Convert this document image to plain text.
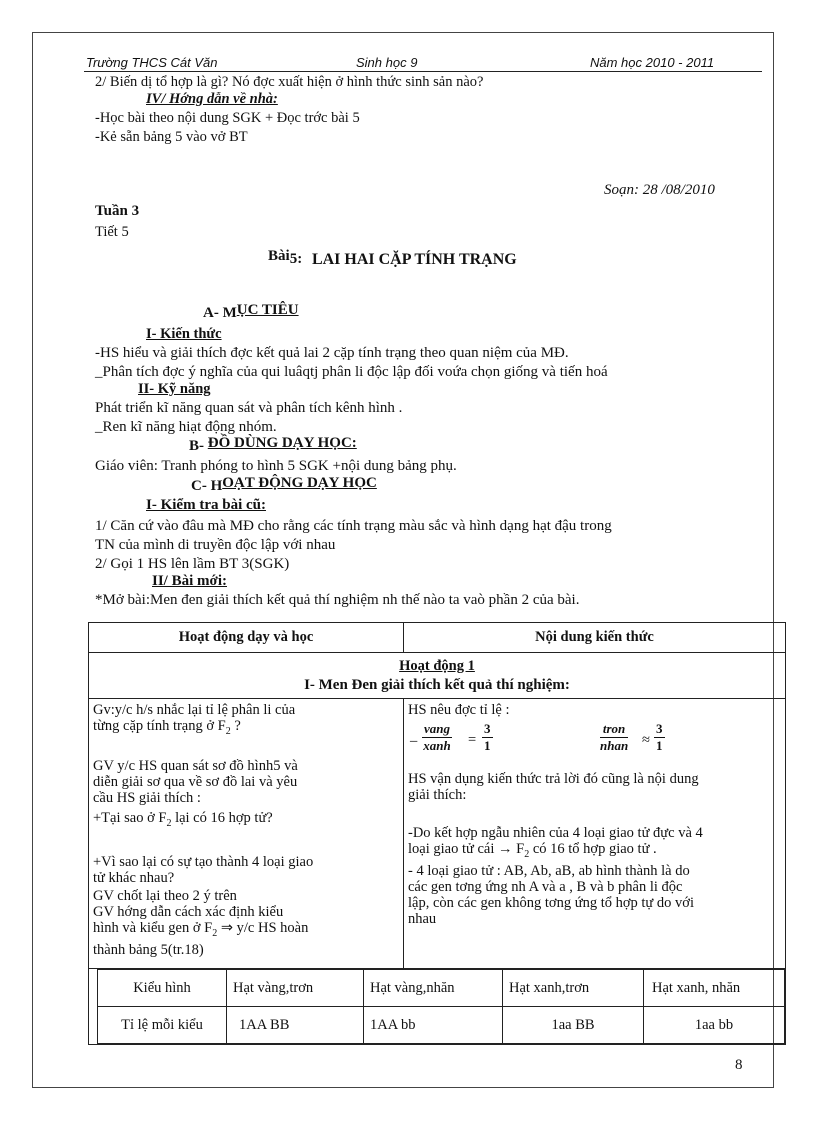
Trường THCS Cát Văn	Sinh học 9	Năm học 2010 - 2011
2/ Biến dị tổ hợp là gì? Nó đợc xuất hiện ở hình thức sinh sản nào?
IV/ Hớng dẫn về nhà:
-Học bài theo nội dung SGK + Đọc trớc bài 5
-Kẻ sẵn bảng 5 vào vở BT
Soạn: 28 /08/2010
Tuần 3
Tiết 5
Bài5: LAI HAI CẶP TÍNH TRẠNG
A- MỤC TIÊU
I- Kiến thức
-HS hiểu và giải thích đợc kết quả lai 2 cặp tính trạng theo quan niệm của MĐ.
_Phân tích đợc ý nghĩa của qui luâqtj phân li độc lập đối voứa chọn giống và tiến hoá
II- Kỹ năng
Phát triển kĩ năng quan sát và phân tích kênh hình .
_Ren kĩ năng hiạt động nhóm.
B- ĐỒ DÙNG DẠY HỌC:
Giáo viên: Tranh phóng to hình 5 SGK +nội dung bảng phụ.
C- HOẠT ĐỘNG DẠY HỌC
I- Kiểm tra bài cũ:
1/ Căn cứ vào đâu mà MĐ cho rằng các tính trạng màu sắc và hình dạng hạt đậu trong
TN của mình di truyền độc lập với nhau
2/ Gọi 1 HS lên lầm BT 3(SGK)
II/ Bài mới:
*Mở bài:Men đen giải thích kết quả thí nghiệm nh thế nào ta vaò phần 2 của bài.
Hoạt động dạy và học	Nội dung kiến thức

Hoạt động 1
I- Men Đen giải thích kết quả thí nghiệm:

Gv:y/c h/s nhắc lại tỉ lệ phân li của
từng cặp tính trạng ở $F_2$ ?
GV y/c HS quan sát sơ đồ hình5 và
diễn giải sơ qua về sơ đồ lai và yêu
cầu HS giải thích :
+Tại sao ở $F_2$ lại có 16 hợp tử?
+Vì sao lại có sự tạo thành 4 loại giao
tử khác nhau?
GV chốt lại theo 2 ý trên
GV hớng dẫn cách xác định kiểu
hình và kiểu gen ở $F_2$ ⇒ y/c HS hoàn
thành bảng 5(tr.18)

HS nêu đợc tỉ lệ :
–
vang
xanh = $\frac{3}{1}$	tron
nhan ≈ $\frac{3}{1}$
HS vận dụng kiến thức trả lời đó cũng là nội dung
giải thích:
-Do kết hợp ngẫu nhiên của 4 loại giao tử đực và 4
loại giao tử cái → $F_2$ có 16 tổ hợp giao tử .
- 4 loại giao tử : AB, Ab, aB, ab hình thành là do
các gen tơng ứng nh A và a , B và b phân li độc
lập, còn các gen không tơng ứng tổ hợp tự do với
nhau

Kiểu hình	Hạt vàng,trơn	Hạt vàng,nhăn	Hạt xanh,trơn	Hạt xanh, nhăn
Tỉ lệ mỗi kiểu	1AA BB	1AA bb	1aa BB	1aa bb
8
